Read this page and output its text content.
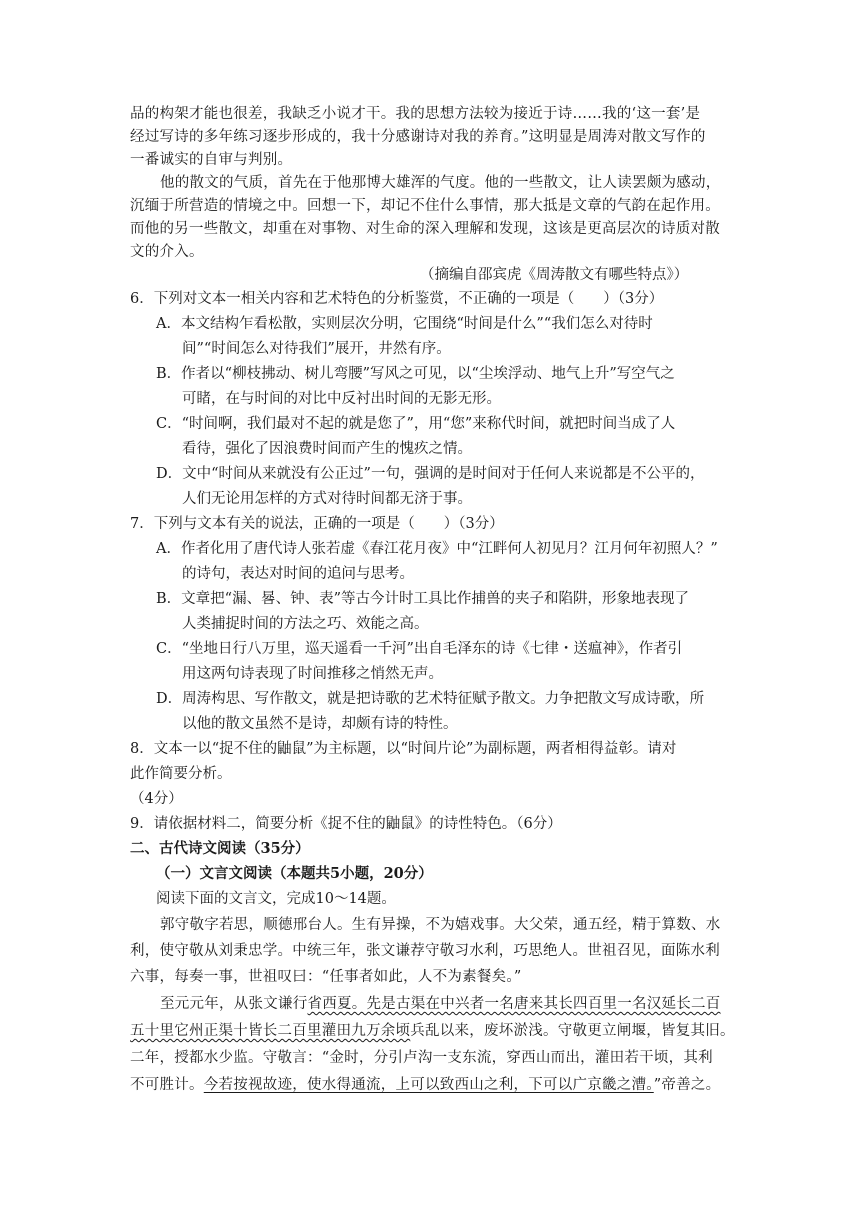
品的构架才能也很差，我缺乏小说才干。我的思想方法较为接近于诗……我的‘这一套’是
经过写诗的多年练习逐步形成的，我十分感谢诗对我的养育。”这明显是周涛对散文写作的
一番诚实的自审与判别。
他的散文的气质，首先在于他那博大雄浑的气度。他的一些散文，让人读罢颇为感动，
沉缅于所营造的情境之中。回想一下，却记不住什么事情，那大抵是文章的气韵在起作用。
而他的另一些散文，却重在对事物、对生命的深入理解和发现，这该是更高层次的诗质对散
文的介入。
（摘编自邵宾虎《周涛散文有哪些特点》）
6．下列对文本一相关内容和艺术特色的分析鉴赏，不正确的一项是（　　）（3分）
A．本文结构乍看松散，实则层次分明，它围绕“时间是什么”“我们怎么对待时
间”“时间怎么对待我们”展开，井然有序。
B．作者以“柳枝拂动、树儿弯腰”写风之可见，以“尘埃浮动、地气上升”写空气之
可睹，在与时间的对比中反衬出时间的无影无形。
C．“时间啊，我们最对不起的就是您了”，用“您”来称代时间，就把时间当成了人
看待，强化了因浪费时间而产生的愧疚之情。
D．文中“时间从来就没有公正过”一句，强调的是时间对于任何人来说都是不公平的，
人们无论用怎样的方式对待时间都无济于事。
7．下列与文本有关的说法，正确的一项是（　　）（3分）
A．作者化用了唐代诗人张若虚《春江花月夜》中“江畔何人初见月？江月何年初照人？”
的诗句，表达对时间的追问与思考。
B．文章把“漏、晷、钟、表”等古今计时工具比作捕兽的夹子和陷阱，形象地表现了
人类捕捉时间的方法之巧、效能之高。
C．“坐地日行八万里，巡天遥看一千河”出自毛泽东的诗《七律・送瘟神》，作者引
用这两句诗表现了时间推移之悄然无声。
D．周涛构思、写作散文，就是把诗歌的艺术特征赋予散文。力争把散文写成诗歌，所
以他的散文虽然不是诗，却颇有诗的特性。
8．文本一以“捉不住的鼬鼠”为主标题，以“时间片论”为副标题，两者相得益彰。请对
此作简要分析。
（4分）
9．请依据材料二，简要分析《捉不住的鼬鼠》的诗性特色。（6分）
二、古代诗文阅读（35分）
（一）文言文阅读（本题共5小题，20分）
阅读下面的文言文，完成10～14题。
郭守敬字若思，顺德邢台人。生有异操，不为嬉戏事。大父荣，通五经，精于算数、水
利，使守敬从刘秉忠学。中统三年，张文谦荐守敬习水利，巧思绝人。世祖召见，面陈水利
六事，每奏一事，世祖叹曰：“任事者如此，人不为素餐矣。”
至元元年，从张文谦行省西夏。先是古渠在中兴者一名唐来其长四百里一名汉延长二百
五十里它州正渠十皆长二百里灌田九万余顷兵乱以来，废坏淤浅。守敬更立闸堰，皆复其旧。
二年，授都水少监。守敬言：“金时，分引卢沟一支东流，穿西山而出，灌田若干顷，其利
不可胜计。今若按视故迹，使水得通流，上可以致西山之利，下可以广京畿之漕。”帝善之。
